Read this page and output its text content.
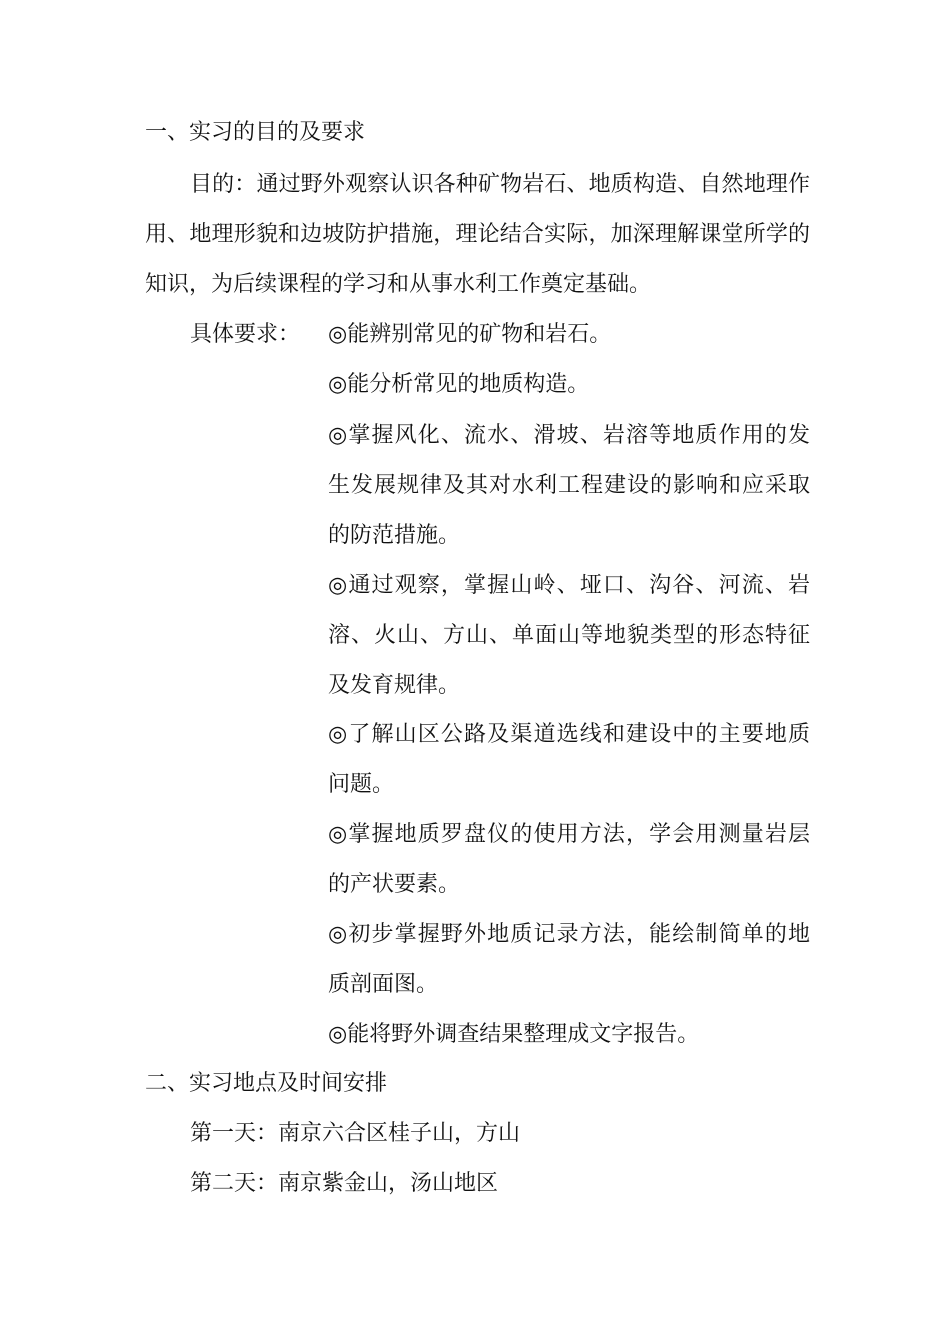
一、实习的目的及要求
目的：通过野外观察认识各种矿物岩石、地质构造、自然地理作
用、地理形貌和边坡防护措施，理论结合实际，加深理解课堂所学的
知识，为后续课程的学习和从事水利工作奠定基础。
具体要求： ◎能辨别常见的矿物和岩石。
◎能分析常见的地质构造。
◎掌握风化、流水、滑坡、岩溶等地质作用的发
生发展规律及其对水利工程建设的影响和应采取
的防范措施。
◎通过观察，掌握山岭、垭口、沟谷、河流、岩
溶、火山、方山、单面山等地貌类型的形态特征
及发育规律。
◎了解山区公路及渠道选线和建设中的主要地质
问题。
◎掌握地质罗盘仪的使用方法，学会用测量岩层
的产状要素。
◎初步掌握野外地质记录方法，能绘制简单的地
质剖面图。
◎能将野外调查结果整理成文字报告。
二、实习地点及时间安排
第一天：南京六合区桂子山，方山
第二天：南京紫金山，汤山地区
